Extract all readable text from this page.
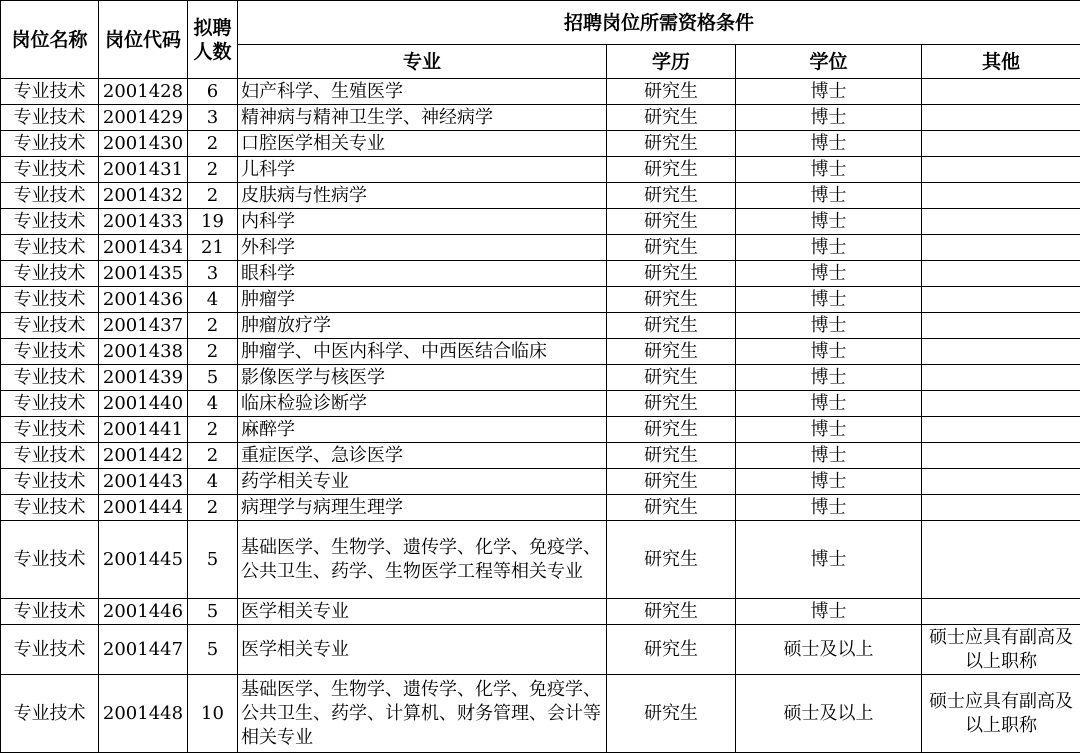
岗位名称	岗位代码	拟聘人数	招聘岗位所需资格条件			
			专业	学历	学位	其他
专业技术	2001428	6	妇产科学、生殖医学	研究生	博士	
专业技术	2001429	3	精神病与精神卫生学、神经病学	研究生	博士	
专业技术	2001430	2	口腔医学相关专业	研究生	博士	
专业技术	2001431	2	儿科学	研究生	博士	
专业技术	2001432	2	皮肤病与性病学	研究生	博士	
专业技术	2001433	19	内科学	研究生	博士	
专业技术	2001434	21	外科学	研究生	博士	
专业技术	2001435	3	眼科学	研究生	博士	
专业技术	2001436	4	肿瘤学	研究生	博士	
专业技术	2001437	2	肿瘤放疗学	研究生	博士	
专业技术	2001438	2	肿瘤学、中医内科学、中西医结合临床	研究生	博士	
专业技术	2001439	5	影像医学与核医学	研究生	博士	
专业技术	2001440	4	临床检验诊断学	研究生	博士	
专业技术	2001441	2	麻醉学	研究生	博士	
专业技术	2001442	2	重症医学、急诊医学	研究生	博士	
专业技术	2001443	4	药学相关专业	研究生	博士	
专业技术	2001444	2	病理学与病理生理学	研究生	博士	
专业技术	2001445	5	基础医学、生物学、遗传学、化学、免疫学、公共卫生、药学、生物医学工程等相关专业	研究生	博士	
专业技术	2001446	5	医学相关专业	研究生	博士	
专业技术	2001447	5	医学相关专业	研究生	硕士及以上	硕士应具有副高及以上职称
专业技术	2001448	10	基础医学、生物学、遗传学、化学、免疫学、公共卫生、药学、计算机、财务管理、会计等相关专业	研究生	硕士及以上	硕士应具有副高及以上职称
